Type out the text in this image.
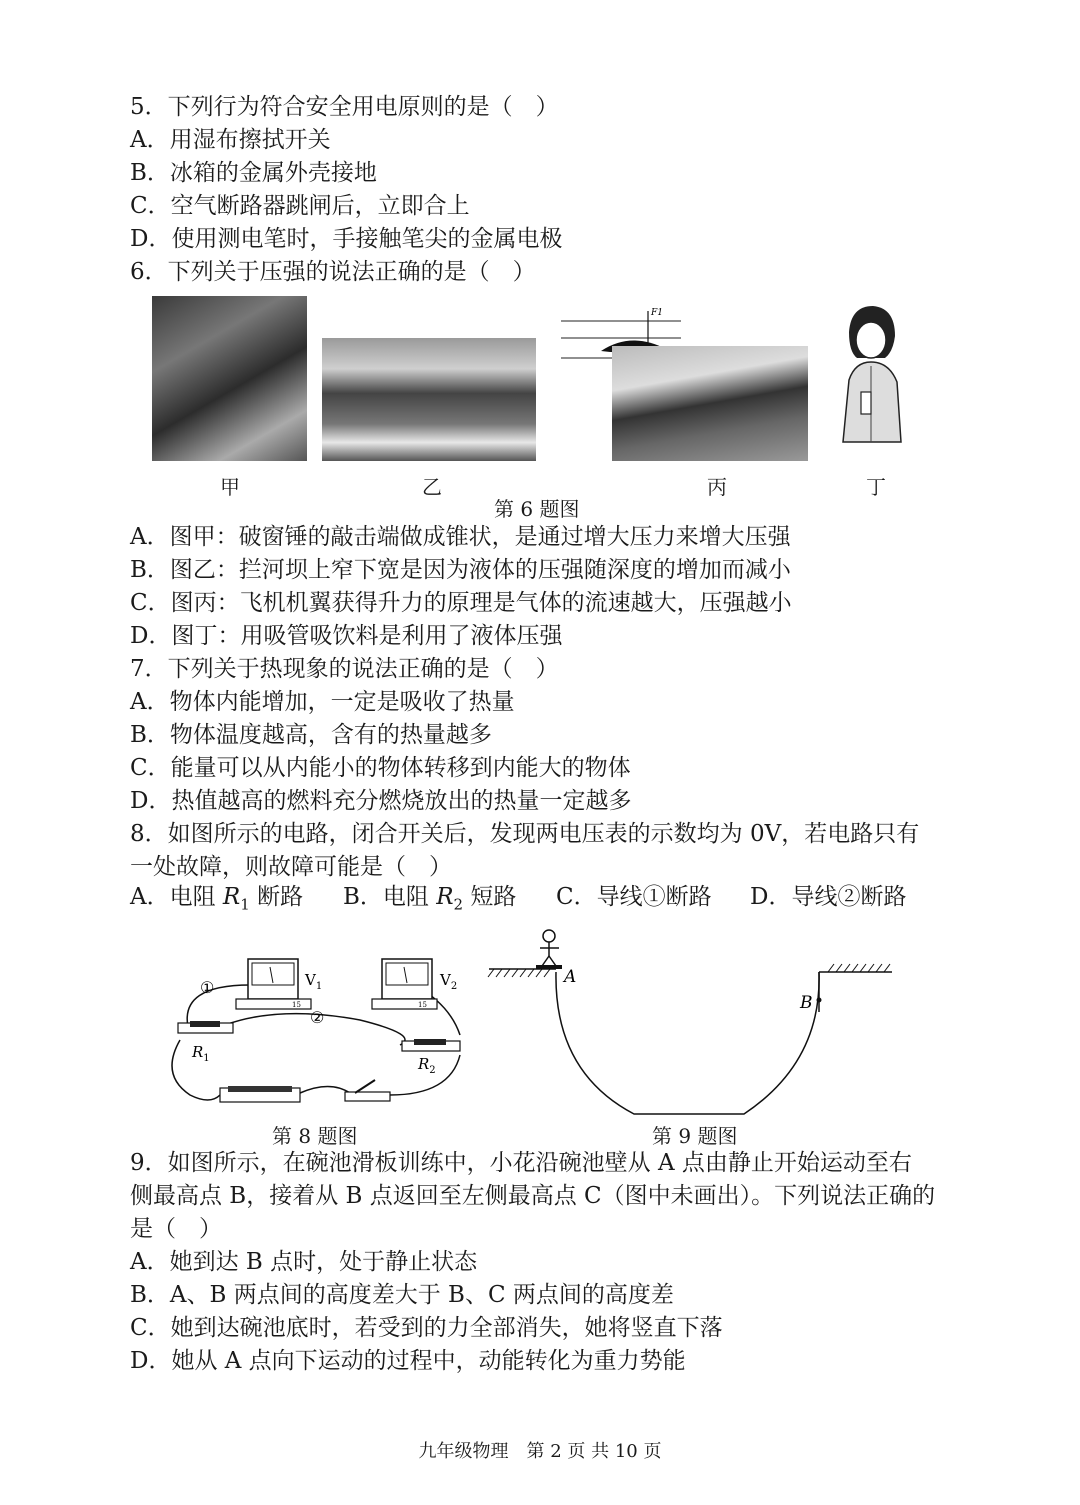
5．下列行为符合安全用电原则的是（　）
A．用湿布擦拭开关
B．冰箱的金属外壳接地
C．空气断路器跳闸后，立即合上
D．使用测电笔时，手接触笔尖的金属电极
6．下列关于压强的说法正确的是（　）
F1
甲	乙	丙	丁
第 6 题图
A．图甲：破窗锤的敲击端做成锥状，是通过增大压力来增大压强
B．图乙：拦河坝上窄下宽是因为液体的压强随深度的增加而减小
C．图丙：飞机机翼获得升力的原理是气体的流速越大，压强越小
D．图丁：用吸管吸饮料是利用了液体压强
7．下列关于热现象的说法正确的是（　）
A．物体内能增加，一定是吸收了热量
B．物体温度越高，含有的热量越多
C．能量可以从内能小的物体转移到内能大的物体
D．热值越高的燃料充分燃烧放出的热量一定越多
8．如图所示的电路，闭合开关后，发现两电压表的示数均为 0V，若电路只有
一处故障，则故障可能是（　）
A．电阻 $R_1$ 断路 B．电阻 $R_2$ 短路 C．导线①断路 D．导线②断路
15
$V_1$
15
$V_2$
①
②
$R_1$	$R_2$
第 8 题图
A
B
第 9 题图
9．如图所示，在碗池滑板训练中，小花沿碗池壁从 A 点由静止开始运动至右
侧最高点 B，接着从 B 点返回至左侧最高点 C（图中未画出）。下列说法正确的
是（　）
A．她到达 B 点时，处于静止状态
B．A、B 两点间的高度差大于 B、C 两点间的高度差
C．她到达碗池底时，若受到的力全部消失，她将竖直下落
D．她从 A 点向下运动的过程中，动能转化为重力势能
九年级物理　第 2 页 共 10 页
